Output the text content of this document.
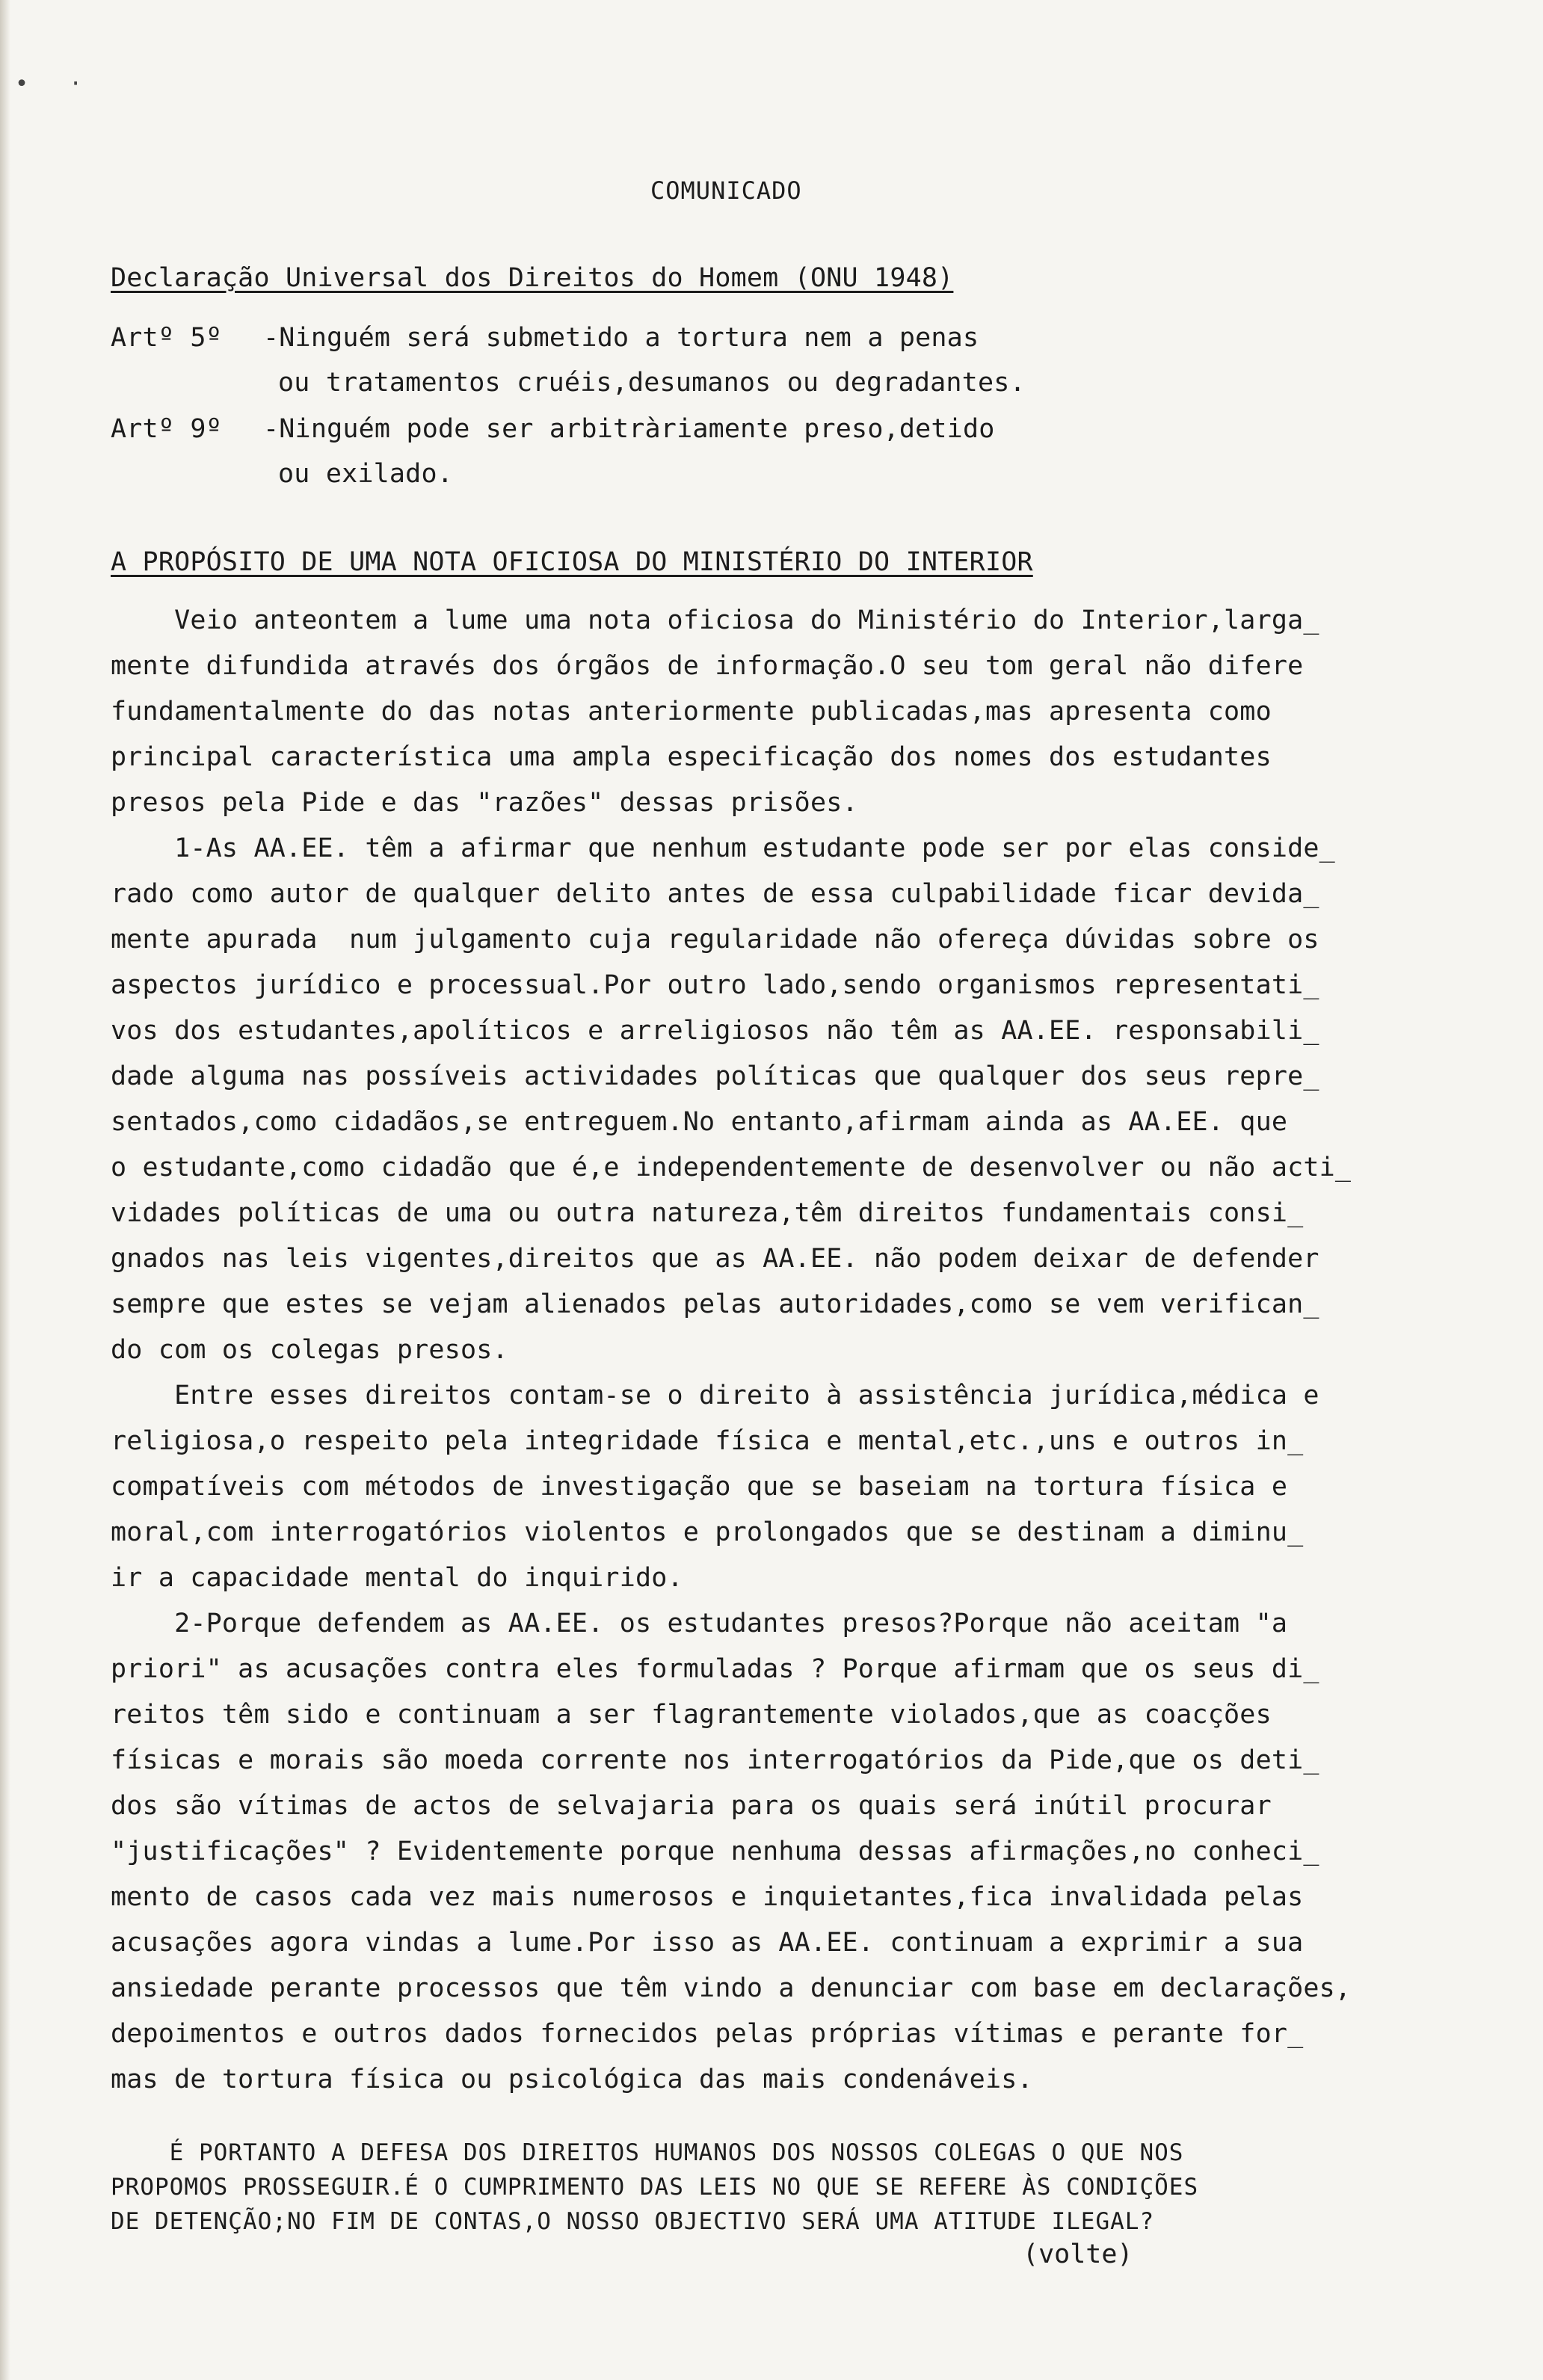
• ·
COMUNICADO
Declaração Universal dos Direitos do Homem (ONU 1948)
Artº 5º -Ninguém será submetido a tortura nem a penas
ou tratamentos cruéis,desumanos ou degradantes.
Artº 9º -Ninguém pode ser arbitràriamente preso,detido
ou exilado.
A PROPÓSITO DE UMA NOTA OFICIOSA DO MINISTÉRIO DO INTERIOR
Veio anteontem a lume uma nota oficiosa do Ministério do Interior,larga_
mente difundida através dos órgãos de informação.O seu tom geral não difere
fundamentalmente do das notas anteriormente publicadas,mas apresenta como
principal característica uma ampla especificação dos nomes dos estudantes
presos pela Pide e das "razões" dessas prisões.
1-As AA.EE. têm a afirmar que nenhum estudante pode ser por elas conside_
rado como autor de qualquer delito antes de essa culpabilidade ficar devida_
mente apurada  num julgamento cuja regularidade não ofereça dúvidas sobre os
aspectos jurídico e processual.Por outro lado,sendo organismos representati_
vos dos estudantes,apolíticos e arreligiosos não têm as AA.EE. responsabili_
dade alguma nas possíveis actividades políticas que qualquer dos seus repre_
sentados,como cidadãos,se entreguem.No entanto,afirmam ainda as AA.EE. que
o estudante,como cidadão que é,e independentemente de desenvolver ou não acti_
vidades políticas de uma ou outra natureza,têm direitos fundamentais consi_
gnados nas leis vigentes,direitos que as AA.EE. não podem deixar de defender
sempre que estes se vejam alienados pelas autoridades,como se vem verifican_
do com os colegas presos.
Entre esses direitos contam-se o direito à assistência jurídica,médica e
religiosa,o respeito pela integridade física e mental,etc.,uns e outros in_
compatíveis com métodos de investigação que se baseiam na tortura física e
moral,com interrogatórios violentos e prolongados que se destinam a diminu_
ir a capacidade mental do inquirido.
2-Porque defendem as AA.EE. os estudantes presos?Porque não aceitam "a
priori" as acusações contra eles formuladas ? Porque afirmam que os seus di_
reitos têm sido e continuam a ser flagrantemente violados,que as coacções
físicas e morais são moeda corrente nos interrogatórios da Pide,que os deti_
dos são vítimas de actos de selvajaria para os quais será inútil procurar
"justificações" ? Evidentemente porque nenhuma dessas afirmações,no conheci_
mento de casos cada vez mais numerosos e inquietantes,fica invalidada pelas
acusações agora vindas a lume.Por isso as AA.EE. continuam a exprimir a sua
ansiedade perante processos que têm vindo a denunciar com base em declarações,
depoimentos e outros dados fornecidos pelas próprias vítimas e perante for_
mas de tortura física ou psicológica das mais condenáveis.
É PORTANTO A DEFESA DOS DIREITOS HUMANOS DOS NOSSOS COLEGAS O QUE NOS
PROPOMOS PROSSEGUIR.É O CUMPRIMENTO DAS LEIS NO QUE SE REFERE ÀS CONDIÇÕES
DE DETENÇÃO;NO FIM DE CONTAS,O NOSSO OBJECTIVO SERÁ UMA ATITUDE ILEGAL?
(volte)
